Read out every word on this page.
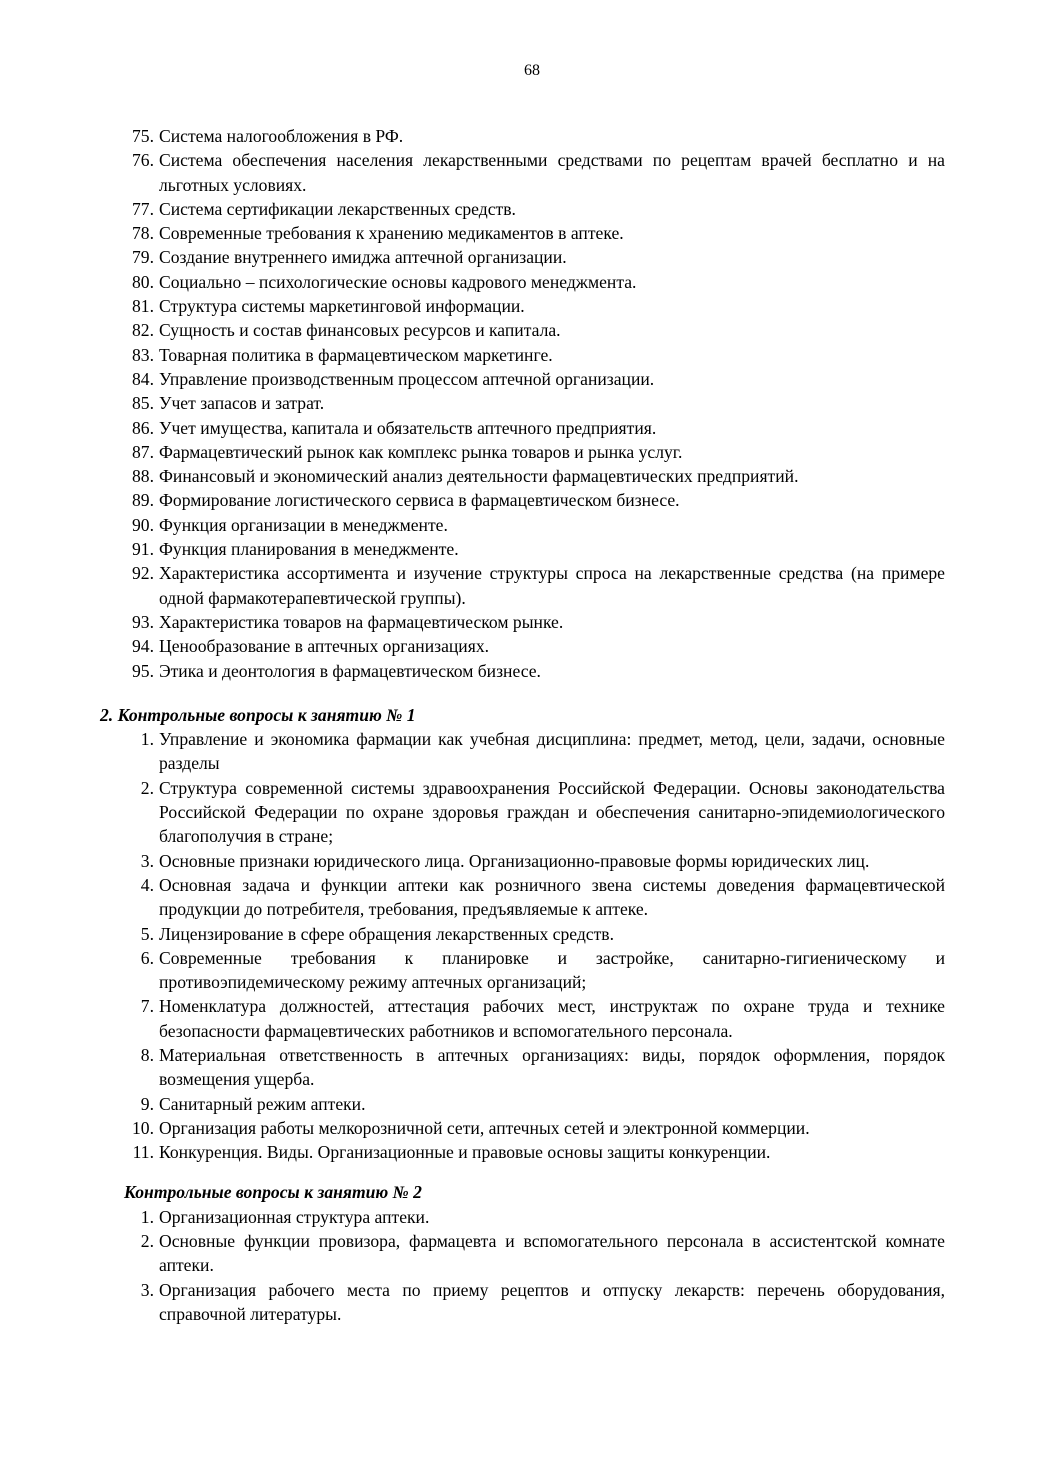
68
75. Система налогообложения в РФ.
76. Система обеспечения населения лекарственными средствами по рецептам врачей бесплатно и на льготных условиях.
77. Система сертификации лекарственных средств.
78. Современные требования к хранению медикаментов в аптеке.
79. Создание внутреннего имиджа аптечной организации.
80. Социально – психологические основы кадрового менеджмента.
81. Структура системы маркетинговой информации.
82. Сущность и состав финансовых ресурсов и капитала.
83. Товарная политика в фармацевтическом маркетинге.
84. Управление производственным процессом аптечной организации.
85. Учет запасов и затрат.
86. Учет имущества, капитала и обязательств аптечного предприятия.
87. Фармацевтический рынок как комплекс рынка товаров и рынка услуг.
88. Финансовый и экономический анализ деятельности фармацевтических предприятий.
89. Формирование логистического сервиса в фармацевтическом бизнесе.
90. Функция организации в менеджменте.
91. Функция планирования в менеджменте.
92. Характеристика ассортимента и изучение структуры спроса на лекарственные средства (на примере одной фармакотерапевтической группы).
93. Характеристика товаров на фармацевтическом рынке.
94. Ценообразование в аптечных организациях.
95. Этика и деонтология в фармацевтическом бизнесе.
2. Контрольные вопросы к занятию № 1
1. Управление и экономика фармации как учебная дисциплина: предмет, метод, цели, задачи, основные разделы
2. Структура современной системы здравоохранения Российской Федерации. Основы законодательства Российской Федерации по охране здоровья граждан и обеспечения санитарно-эпидемиологического благополучия в стране;
3. Основные признаки юридического лица. Организационно-правовые формы юридических лиц.
4. Основная задача и функции аптеки как розничного звена системы доведения фармацевтической продукции до потребителя, требования, предъявляемые к аптеке.
5. Лицензирование в сфере обращения лекарственных средств.
6. Современные требования к планировке и застройке, санитарно-гигиеническому и противоэпидемическому режиму аптечных организаций;
7. Номенклатура должностей, аттестация рабочих мест, инструктаж по охране труда и технике безопасности фармацевтических работников и вспомогательного персонала.
8. Материальная ответственность в аптечных организациях: виды, порядок оформления, порядок возмещения ущерба.
9. Санитарный режим аптеки.
10. Организация работы мелкорозничной сети, аптечных сетей и электронной коммерции.
11. Конкуренция. Виды. Организационные и правовые основы защиты конкуренции.
Контрольные вопросы к занятию № 2
1. Организационная структура аптеки.
2. Основные функции провизора, фармацевта и вспомогательного персонала в ассистентской комнате аптеки.
3. Организация рабочего места по приему рецептов и отпуску лекарств: перечень оборудования, справочной литературы.
